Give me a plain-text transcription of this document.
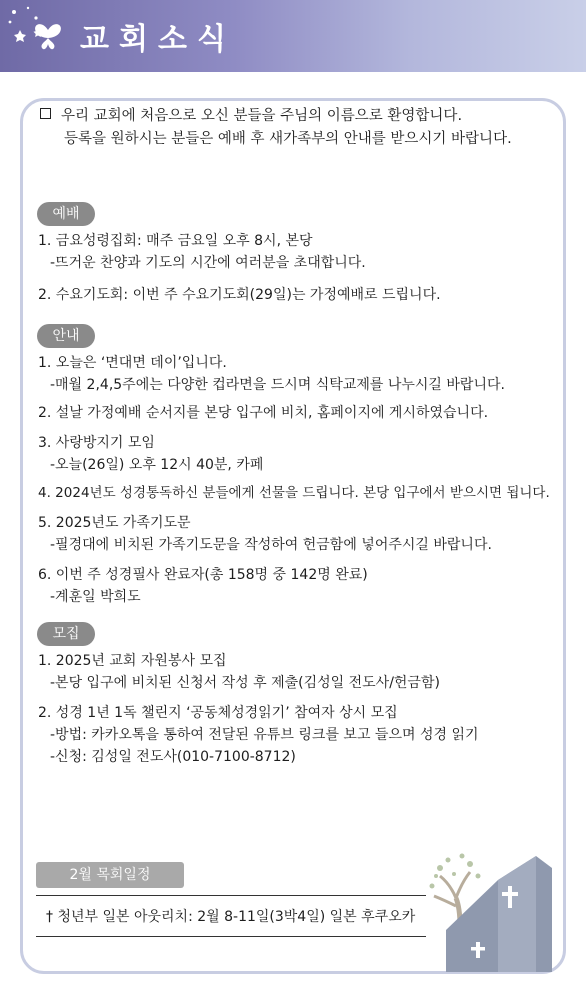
교회소식
우리 교회에 처음으로 오신 분들을 주님의 이름으로 환영합니다.
등록을 원하시는 분들은 예배 후 새가족부의 안내를 받으시기 바랍니다.
예배
1. 금요성령집회: 매주 금요일 오후 8시, 본당
-뜨거운 찬양과 기도의 시간에 여러분을 초대합니다.
2. 수요기도회: 이번 주 수요기도회(29일)는 가정예배로 드립니다.
안내
1. 오늘은 ‘면대면 데이’입니다.
-매월 2,4,5주에는 다양한 컵라면을 드시며 식탁교제를 나누시길 바랍니다.
2. 설날 가정예배 순서지를 본당 입구에 비치, 홈페이지에 게시하였습니다.
3. 사랑방지기 모임
-오늘(26일) 오후 12시 40분, 카페
4. 2024년도 성경통독하신 분들에게 선물을 드립니다. 본당 입구에서 받으시면 됩니다.
5. 2025년도 가족기도문
-필경대에 비치된 가족기도문을 작성하여 헌금함에 넣어주시길 바랍니다.
6. 이번 주 성경필사 완료자(총 158명 중 142명 완료)
-계훈일 박희도
모집
1. 2025년 교회 자원봉사 모집
-본당 입구에 비치된 신청서 작성 후 제출(김성일 전도사/헌금함)
2. 성경 1년 1독 챌린지 ‘공동체성경읽기’ 참여자 상시 모집
-방법: 카카오톡을 통하여 전달된 유튜브 링크를 보고 들으며 성경 읽기
-신청: 김성일 전도사(010-7100-8712)
2월 목회일정
† 청년부 일본 아웃리치: 2월 8-11일(3박4일) 일본 후쿠오카
